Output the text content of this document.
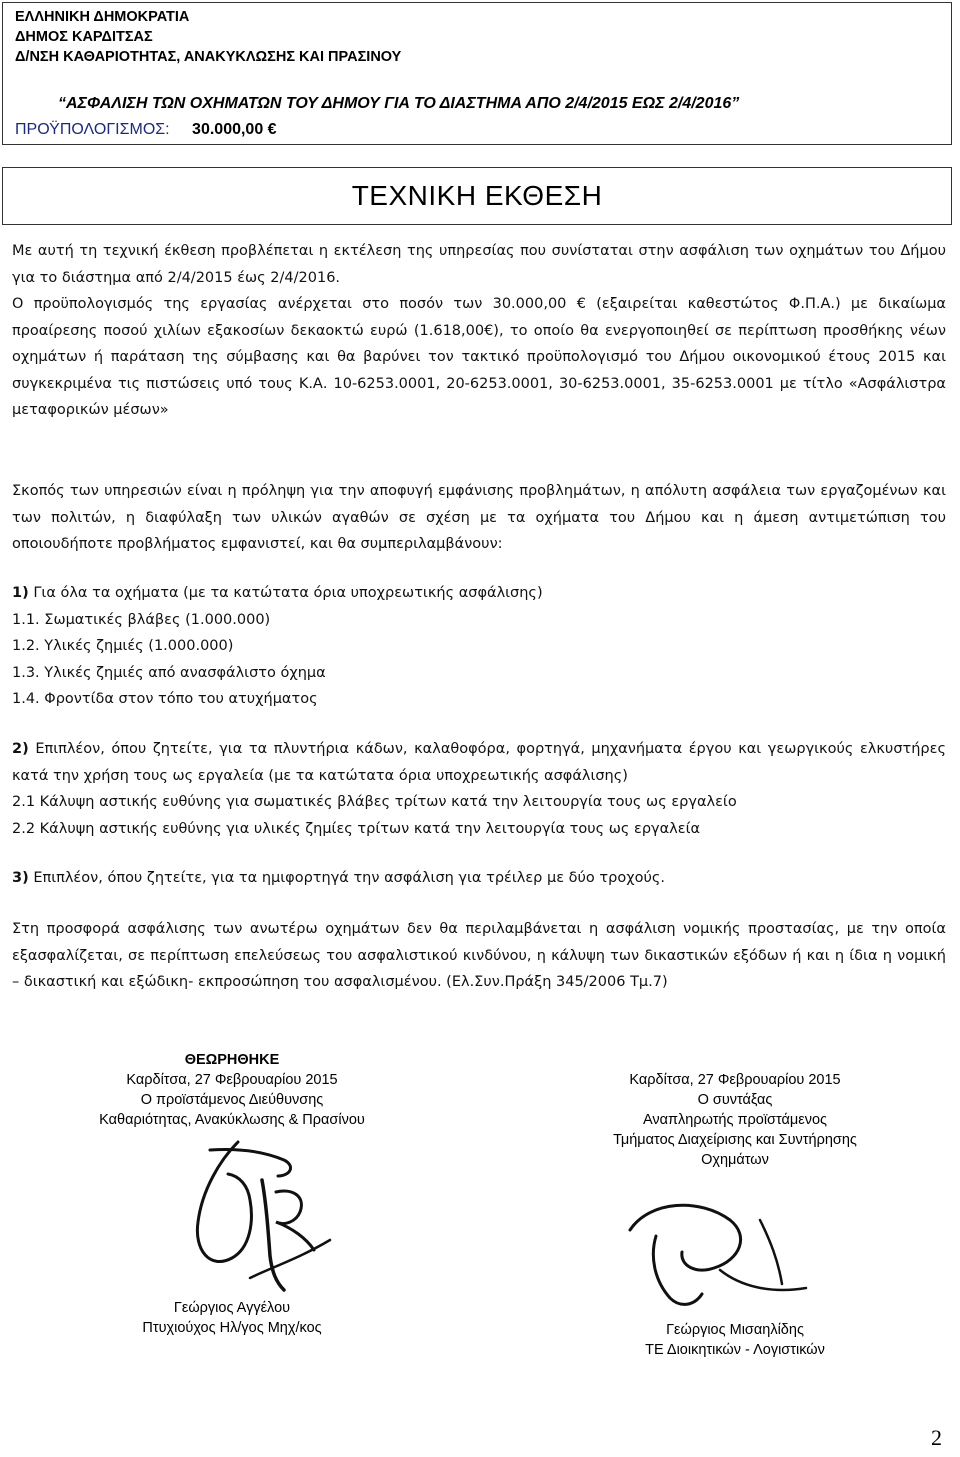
ΕΛΛΗΝΙΚΗ ΔΗΜΟΚΡΑΤΙΑ
ΔΗΜΟΣ ΚΑΡΔΙΤΣΑΣ
Δ/ΝΣΗ ΚΑΘΑΡΙΟΤΗΤΑΣ, ΑΝΑΚΥΚΛΩΣΗΣ ΚΑΙ ΠΡΑΣΙΝΟΥ
“ΑΣΦΑΛΙΣΗ ΤΩΝ ΟΧΗΜΑΤΩΝ ΤΟΥ ΔΗΜΟΥ ΓΙΑ ΤΟ ΔΙΑΣΤΗΜΑ ΑΠΟ 2/4/2015 ΕΩΣ 2/4/2016”
ΠΡΟΫΠΟΛΟΓΙΣΜΟΣ: 30.000,00 €
ΤΕΧΝΙΚΗ ΕΚΘΕΣΗ

Με αυτή τη τεχνική έκθεση προβλέπεται η εκτέλεση της υπηρεσίας που συνίσταται στην ασφάλιση των οχημάτων του Δήμου για το διάστημα από 2/4/2015 έως 2/4/2016.

Ο προϋπολογισμός της εργασίας ανέρχεται στο ποσόν των 30.000,00 € (εξαιρείται καθεστώτος Φ.Π.Α.) με δικαίωμα προαίρεσης ποσού χιλίων εξακοσίων δεκαοκτώ ευρώ (1.618,00€), το οποίο θα ενεργοποιηθεί σε περίπτωση προσθήκης νέων οχημάτων ή παράταση της σύμβασης και θα βαρύνει τον τακτικό προϋπολογισμό του Δήμου οικονομικού έτους 2015 και συγκεκριμένα τις πιστώσεις υπό τους Κ.Α. 10-6253.0001, 20-6253.0001, 30-6253.0001, 35-6253.0001 με τίτλο «Ασφάλιστρα μεταφορικών μέσων»

Σκοπός των υπηρεσιών είναι η πρόληψη για την αποφυγή εμφάνισης προβλημάτων, η απόλυτη ασφάλεια των εργαζομένων και των πολιτών, η διαφύλαξη των υλικών αγαθών σε σχέση με τα οχήματα του Δήμου και η άμεση αντιμετώπιση του οποιουδήποτε προβλήματος εμφανιστεί, και θα συμπεριλαμβάνουν:

1) Για όλα τα οχήματα (με τα κατώτατα όρια υποχρεωτικής ασφάλισης)

1.1. Σωματικές βλάβες (1.000.000)

1.2. Υλικές ζημιές (1.000.000)

1.3. Υλικές ζημιές από ανασφάλιστο όχημα

1.4. Φροντίδα στον τόπο του ατυχήματος

2) Επιπλέον, όπου ζητείτε, για τα πλυντήρια κάδων, καλαθοφόρα, φορτηγά, μηχανήματα έργου και γεωργικούς ελκυστήρες κατά την χρήση τους ως εργαλεία (με τα κατώτατα όρια υποχρεωτικής ασφάλισης)

2.1 Κάλυψη αστικής ευθύνης για σωματικές βλάβες τρίτων κατά την λειτουργία τους ως εργαλείο

2.2 Κάλυψη αστικής ευθύνης για υλικές ζημίες τρίτων κατά την λειτουργία τους ως εργαλεία

3) Επιπλέον, όπου ζητείτε, για τα ημιφορτηγά την ασφάλιση για τρέιλερ με δύο τροχούς.

Στη προσφορά ασφάλισης των ανωτέρω οχημάτων δεν θα περιλαμβάνεται η ασφάλιση νομικής προστασίας, με την οποία εξασφαλίζεται, σε περίπτωση επελεύσεως του ασφαλιστικού κινδύνου, η κάλυψη των δικαστικών εξόδων ή και η ίδια η νομική – δικαστική και εξώδικη- εκπροσώπηση του ασφαλισμένου. (Ελ.Συν.Πράξη 345/2006 Τμ.7)

ΘΕΩΡΗΘΗΚΕ
Καρδίτσα, 27 Φεβρουαρίου 2015
Ο προϊστάμενος Διεύθυνσης
Καθαριότητας, Ανακύκλωσης & Πρασίνου
Γεώργιος Αγγέλου
Πτυχιούχος Ηλ/γος Μηχ/κος
Καρδίτσα, 27 Φεβρουαρίου 2015
Ο συντάξας
Αναπληρωτής προϊστάμενος
Τμήματος Διαχείρισης και Συντήρησης
Οχημάτων
Γεώργιος Μισαηλίδης
ΤΕ Διοικητικών - Λογιστικών
2
